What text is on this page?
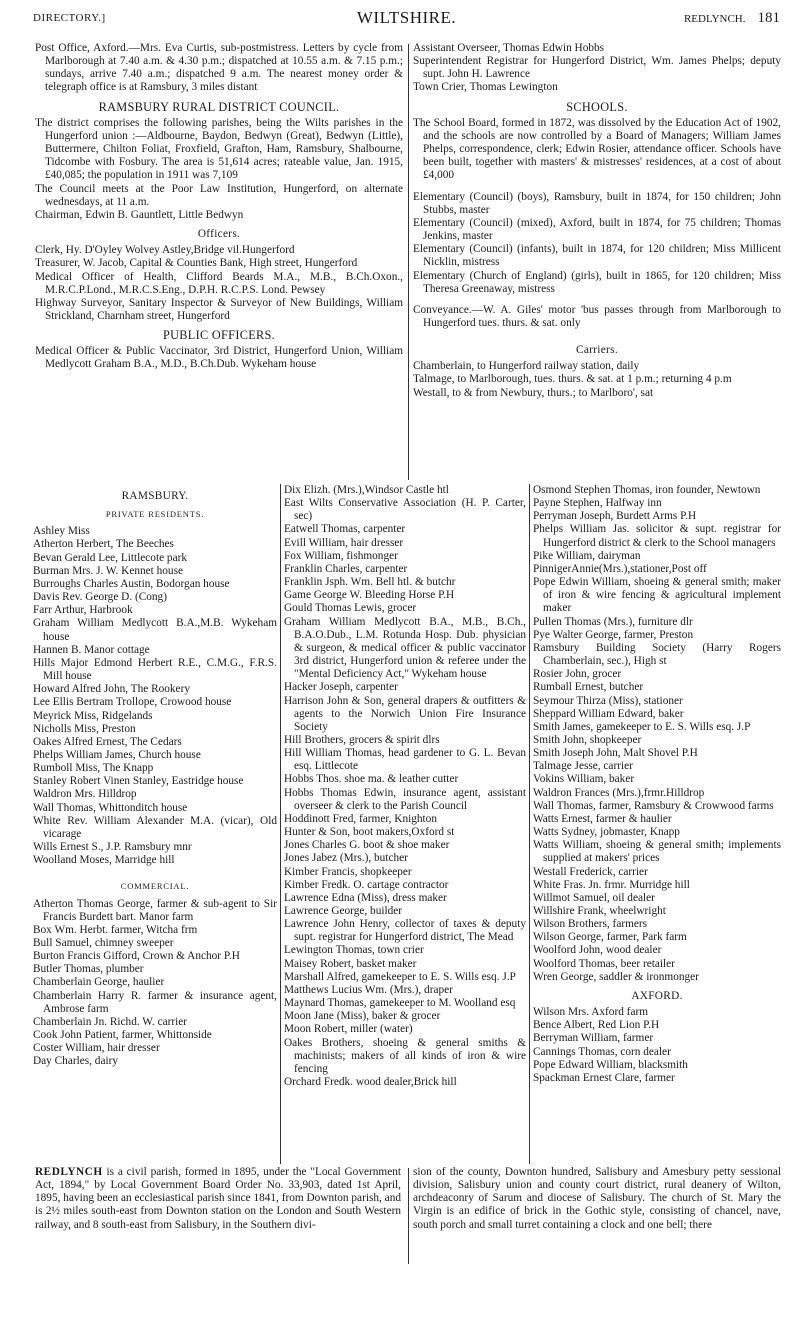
DIRECTORY.]	WILTSHIRE.	REDLYNCH. 181
Post Office, Axford.—Mrs. Eva Curtis, sub-postmistress. Letters by cycle from Marlborough at 7.40 a.m. & 4.30 p.m.; dispatched at 10.55 a.m. & 7.15 p.m.; sundays, arrive 7.40 a.m.; dispatched 9 a.m. The nearest money order & telegraph office is at Ramsbury, 3 miles distant
RAMSBURY RURAL DISTRICT COUNCIL.
The district comprises the following parishes, being the Wilts parishes in the Hungerford union :—Aldbourne, Baydon, Bedwyn (Great), Bedwyn (Little), Buttermere, Chilton Foliat, Froxfield, Grafton, Ham, Ramsbury, Shalbourne, Tidcombe with Fosbury. The area is 51,614 acres; rateable value, Jan. 1915, £40,085; the population in 1911 was 7,109
The Council meets at the Poor Law Institution, Hungerford, on alternate wednesdays, at 11 a.m.
Chairman, Edwin B. Gauntlett, Little Bedwyn
Officers.
Clerk, Hy. D'Oyley Wolvey Astley,Bridge vil.Hungerford
Treasurer, W. Jacob, Capital & Counties Bank, High street, Hungerford
Medical Officer of Health, Clifford Beards M.A., M.B., B.Ch.Oxon., M.R.C.P.Lond., M.R.C.S.Eng., D.P.H. R.C.P.S. Lond. Pewsey
Highway Surveyor, Sanitary Inspector & Surveyor of New Buildings, William Strickland, Charnham street, Hungerford
PUBLIC OFFICERS.
Medical Officer & Public Vaccinator, 3rd District, Hungerford Union, William Medlycott Graham B.A., M.D., B.Ch.Dub. Wykeham house
Assistant Overseer, Thomas Edwin Hobbs
Superintendent Registrar for Hungerford District, Wm. James Phelps; deputy supt. John H. Lawrence
Town Crier, Thomas Lewington
SCHOOLS.
The School Board, formed in 1872, was dissolved by the Education Act of 1902, and the schools are now controlled by a Board of Managers; William James Phelps, correspondence, clerk; Edwin Rosier, attendance officer. Schools have been built, together with masters' & mistresses' residences, at a cost of about £4,000
Elementary (Council) (boys), Ramsbury, built in 1874, for 150 children; John Stubbs, master
Elementary (Council) (mixed), Axford, built in 1874, for 75 children; Thomas Jenkins, master
Elementary (Council) (infants), built in 1874, for 120 children; Miss Millicent Nicklin, mistress
Elementary (Church of England) (girls), built in 1865, for 120 children; Miss Theresa Greenaway, mistress
Conveyance.—W. A. Giles' motor 'bus passes through from Marlborough to Hungerford tues. thurs. & sat. only
Carriers.
Chamberlain, to Hungerford railway station, daily
Talmage, to Marlborough, tues. thurs. & sat. at 1 p.m.; returning 4 p.m
Westall, to & from Newbury, thurs.; to Marlboro', sat
RAMSBURY.
PRIVATE RESIDENTS.
Ashley Miss
Atherton Herbert, The Beeches
Bevan Gerald Lee, Littlecote park
Burman Mrs. J. W. Kennet house
Burroughs Charles Austin, Bodorgan house
Davis Rev. George D. (Cong)
Farr Arthur, Harbrook
Graham William Medlycott B.A.,M.B. Wykeham house
Hannen B. Manor cottage
Hills Major Edmond Herbert R.E., C.M.G., F.R.S. Mill house
Howard Alfred John, The Rookery
Lee Ellis Bertram Trollope, Crowood house
Meyrick Miss, Ridgelands
Nicholls Miss, Preston
Oakes Alfred Ernest, The Cedars
Phelps William James, Church house
Rumboll Miss, The Knapp
Stanley Robert Vinen Stanley, Eastridge house
Waldron Mrs. Hilldrop
Wall Thomas, Whittonditch house
White Rev. William Alexander M.A. (vicar), Old vicarage
Wills Ernest S., J.P. Ramsbury mnr
Woolland Moses, Marridge hill
COMMERCIAL.
Atherton Thomas George, farmer & sub-agent to Sir Francis Burdett bart. Manor farm
Box Wm. Herbt. farmer, Witcha frm
Bull Samuel, chimney sweeper
Burton Francis Gifford, Crown & Anchor P.H
Butler Thomas, plumber
Chamberlain George, haulier
Chamberlain Harry R. farmer & insurance agent, Ambrose farm
Chamberlain Jn. Richd. W. carrier
Cook John Patient, farmer, Whittonside
Coster William, hair dresser
Day Charles, dairy
Dix Elizh. (Mrs.),Windsor Castle htl
East Wilts Conservative Association (H. P. Carter, sec)
Eatwell Thomas, carpenter
Evill William, hair dresser
Fox William, fishmonger
Franklin Charles, carpenter
Franklin Jsph. Wm. Bell htl. & butchr
Game George W. Bleeding Horse P.H
Gould Thomas Lewis, grocer
Graham William Medlycott B.A., M.B., B.Ch., B.A.O.Dub., L.M. Rotunda Hosp. Dub. physician & surgeon, & medical officer & public vaccinator 3rd district, Hungerford union & referee under the "Mental Deficiency Act," Wykeham house
Hacker Joseph, carpenter
Harrison John & Son, general drapers & outfitters & agents to the Norwich Union Fire Insurance Society
Hill Brothers, grocers & spirit dlrs
Hill William Thomas, head gardener to G. L. Bevan esq. Littlecote
Hobbs Thos. shoe ma. & leather cutter
Hobbs Thomas Edwin, insurance agent, assistant overseer & clerk to the Parish Council
Hoddinott Fred, farmer, Knighton
Hunter & Son, boot makers,Oxford st
Jones Charles G. boot & shoe maker
Jones Jabez (Mrs.), butcher
Kimber Francis, shopkeeper
Kimber Fredk. O. cartage contractor
Lawrence Edna (Miss), dress maker
Lawrence George, builder
Lawrence John Henry, collector of taxes & deputy supt. registrar for Hungerford district, The Mead
Lewington Thomas, town crier
Maisey Robert, basket maker
Marshall Alfred, gamekeeper to E. S. Wills esq. J.P
Matthews Lucius Wm. (Mrs.), draper
Maynard Thomas, gamekeeper to M. Woolland esq
Moon Jane (Miss), baker & grocer
Moon Robert, miller (water)
Oakes Brothers, shoeing & general smiths & machinists; makers of all kinds of iron & wire fencing
Orchard Fredk. wood dealer,Brick hill
Osmond Stephen Thomas, iron founder, Newtown
Payne Stephen, Halfway inn
Perryman Joseph, Burdett Arms P.H
Phelps William Jas. solicitor & supt. registrar for Hungerford district & clerk to the School managers
Pike William, dairyman
PinnigerAnnie(Mrs.),stationer,Post off
Pope Edwin William, shoeing & general smith; maker of iron & wire fencing & agricultural implement maker
Pullen Thomas (Mrs.), furniture dlr
Pye Walter George, farmer, Preston
Ramsbury Building Society (Harry Rogers Chamberlain, sec.), High st
Rosier John, grocer
Rumball Ernest, butcher
Seymour Thirza (Miss), stationer
Sheppard William Edward, baker
Smith James, gamekeeper to E. S. Wills esq. J.P
Smith John, shopkeeper
Smith Joseph John, Malt Shovel P.H
Talmage Jesse, carrier
Vokins William, baker
Waldron Frances (Mrs.),frmr.Hilldrop
Wall Thomas, farmer, Ramsbury & Crowwood farms
Watts Ernest, farmer & haulier
Watts Sydney, jobmaster, Knapp
Watts William, shoeing & general smith; implements supplied at makers' prices
Westall Frederick, carrier
White Fras. Jn. frmr. Murridge hill
Willmot Samuel, oil dealer
Willshire Frank, wheelwright
Wilson Brothers, farmers
Wilson George, farmer, Park farm
Woolford John, wood dealer
Woolford Thomas, beer retailer
Wren George, saddler & ironmonger
AXFORD.
Wilson Mrs. Axford farm
Bence Albert, Red Lion P.H
Berryman William, farmer
Cannings Thomas, corn dealer
Pope Edward William, blacksmith
Spackman Ernest Clare, farmer
REDLYNCH is a civil parish, formed in 1895, under the "Local Government Act, 1894," by Local Government Board Order No. 33,903, dated 1st April, 1895, having been an ecclesiastical parish since 1841, from Downton parish, and is 2½ miles south-east from Downton station on the London and South Western railway, and 8 south-east from Salisbury, in the Southern divi-
sion of the county, Downton hundred, Salisbury and Amesbury petty sessional division, Salisbury union and county court district, rural deanery of Wilton, archdeaconry of Sarum and diocese of Salisbury. The church of St. Mary the Virgin is an edifice of brick in the Gothic style, consisting of chancel, nave, south porch and small turret containing a clock and one bell; there
